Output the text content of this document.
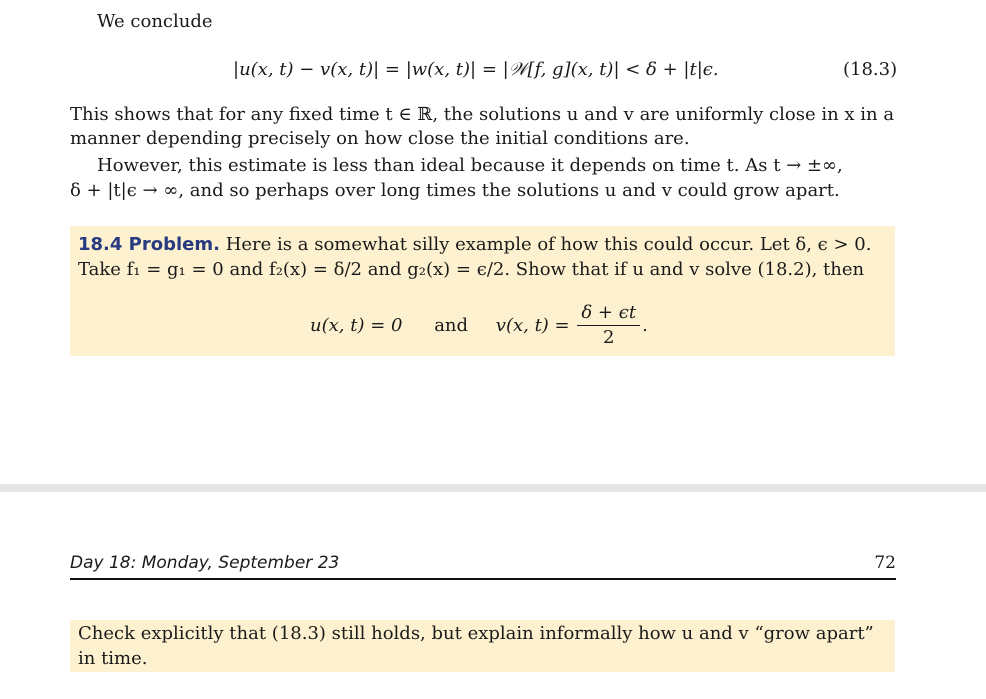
We conclude
|u(x, t) − v(x, t)| = |w(x, t)| = |𝒲[f, g](x, t)| < δ + |t|ϵ.	(18.3)
This shows that for any fixed time t ∈ ℝ, the solutions u and v are uniformly close in x in a
manner depending precisely on how close the initial conditions are.
However, this estimate is less than ideal because it depends on time t. As t → ±∞,
δ + |t|ϵ → ∞, and so perhaps over long times the solutions u and v could grow apart.
18.4 Problem. Here is a somewhat silly example of how this could occur. Let δ, ϵ > 0.
Take f₁ = g₁ = 0 and f₂(x) = δ/2 and g₂(x) = ϵ/2. Show that if u and v solve (18.2), then
u(x, t) = 0 and v(x, $t) = \frac{\delta + \epsilon t}{2}$ .
Day 18: Monday, September 23	72
Check explicitly that (18.3) still holds, but explain informally how u and v “grow apart”
in time.
